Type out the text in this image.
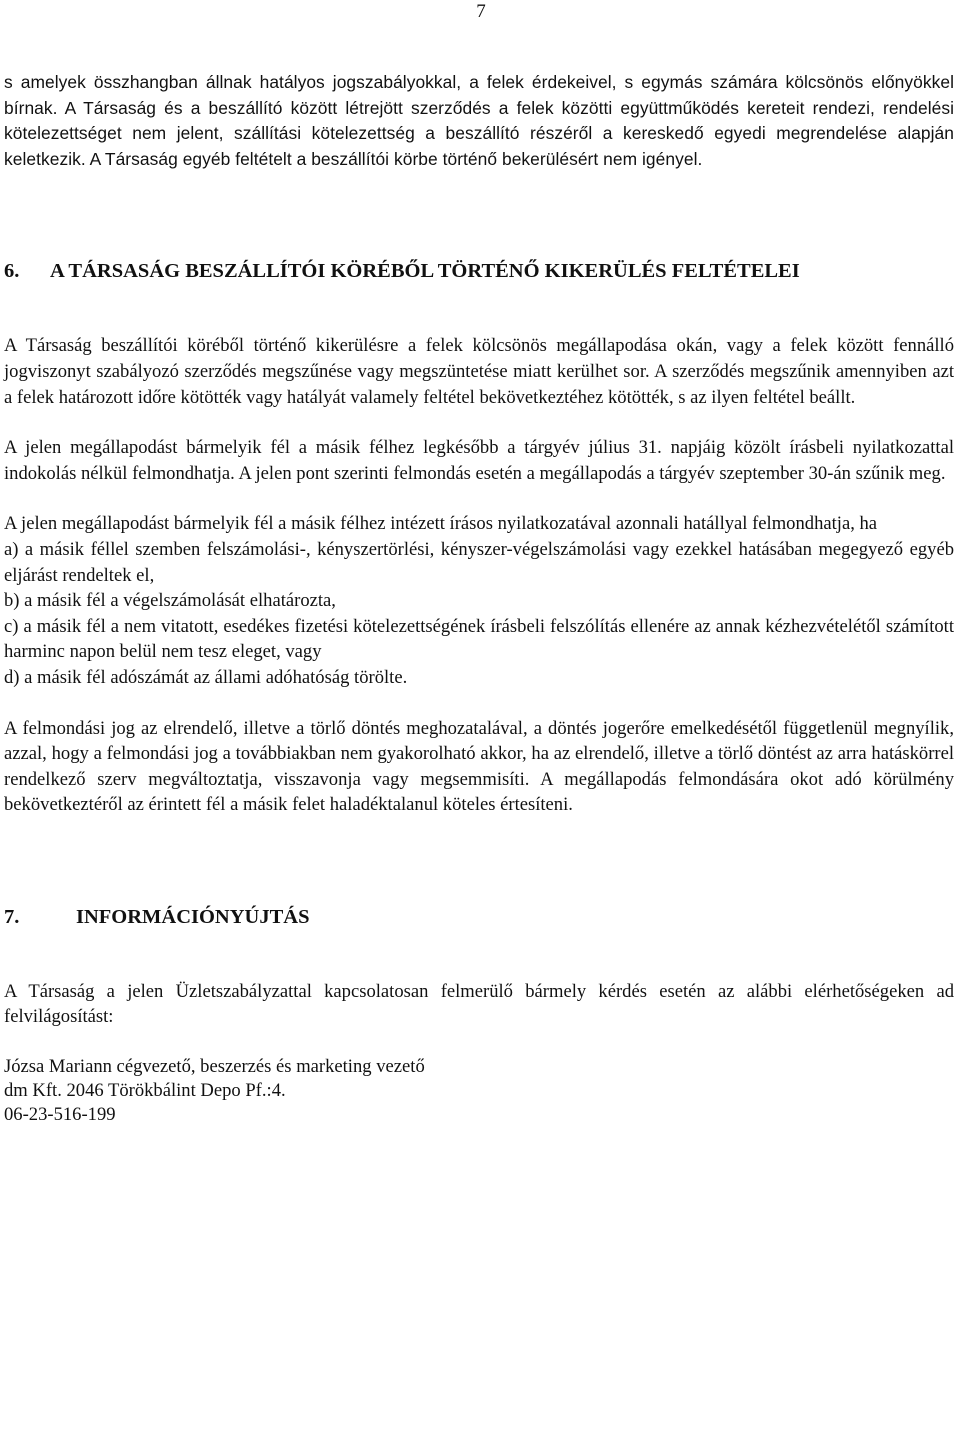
7

s amelyek összhangban állnak hatályos jogszabályokkal, a felek érdekeivel, s egymás számára kölcsönös előnyökkel bírnak. A Társaság és a beszállító között létrejött szerződés a felek közötti együttműködés kereteit rendezi, rendelési kötelezettséget nem jelent, szállítási kötelezettség a beszállító részéről a kereskedő egyedi megrendelése alapján keletkezik. A Társaság egyéb feltételt a beszállítói körbe történő bekerülésért nem igényel.

6. A TÁRSASÁG BESZÁLLÍTÓI KÖRÉBŐL TÖRTÉNŐ KIKERÜLÉS FELTÉTELEI

A Társaság beszállítói köréből történő kikerülésre a felek kölcsönös megállapodása okán, vagy a felek között fennálló jogviszonyt szabályozó szerződés megszűnése vagy megszüntetése miatt kerülhet sor. A szerződés megszűnik amennyiben azt a felek határozott időre kötötték vagy hatályát valamely feltétel bekövetkeztéhez kötötték, s az ilyen feltétel beállt.

A jelen megállapodást bármelyik fél a másik félhez legkésőbb a tárgyév július 31. napjáig közölt írásbeli nyilatkozattal indokolás nélkül felmondhatja. A jelen pont szerinti felmondás esetén a megállapodás a tárgyév szeptember 30-án szűnik meg.

A jelen megállapodást bármelyik fél a másik félhez intézett írásos nyilatkozatával azonnali hatállyal felmondhatja, ha

a) a másik féllel szemben felszámolási-, kényszertörlési, kényszer-végelszámolási vagy ezekkel hatásában megegyező egyéb eljárást rendeltek el,

b) a másik fél a végelszámolását elhatározta,

c) a másik fél a nem vitatott, esedékes fizetési kötelezettségének írásbeli felszólítás ellenére az annak kézhezvételétől számított harminc napon belül nem tesz eleget, vagy

d) a másik fél adószámát az állami adóhatóság törölte.

A felmondási jog az elrendelő, illetve a törlő döntés meghozatalával, a döntés jogerőre emelkedésétől függetlenül megnyílik, azzal, hogy a felmondási jog a továbbiakban nem gyakorolható akkor, ha az elrendelő, illetve a törlő döntést az arra hatáskörrel rendelkező szerv megváltoztatja, visszavonja vagy megsemmisíti. A megállapodás felmondására okot adó körülmény bekövetkeztéről az érintett fél a másik felet haladéktalanul köteles értesíteni.

7.	INFORMÁCIÓNYÚJTÁS

A Társaság a jelen Üzletszabályzattal kapcsolatosan felmerülő bármely kérdés esetén az alábbi elérhetőségeken ad felvilágosítást:

Józsa Mariann cégvezető, beszerzés és marketing vezető
dm Kft. 2046 Törökbálint Depo Pf.:4.
06-23-516-199
